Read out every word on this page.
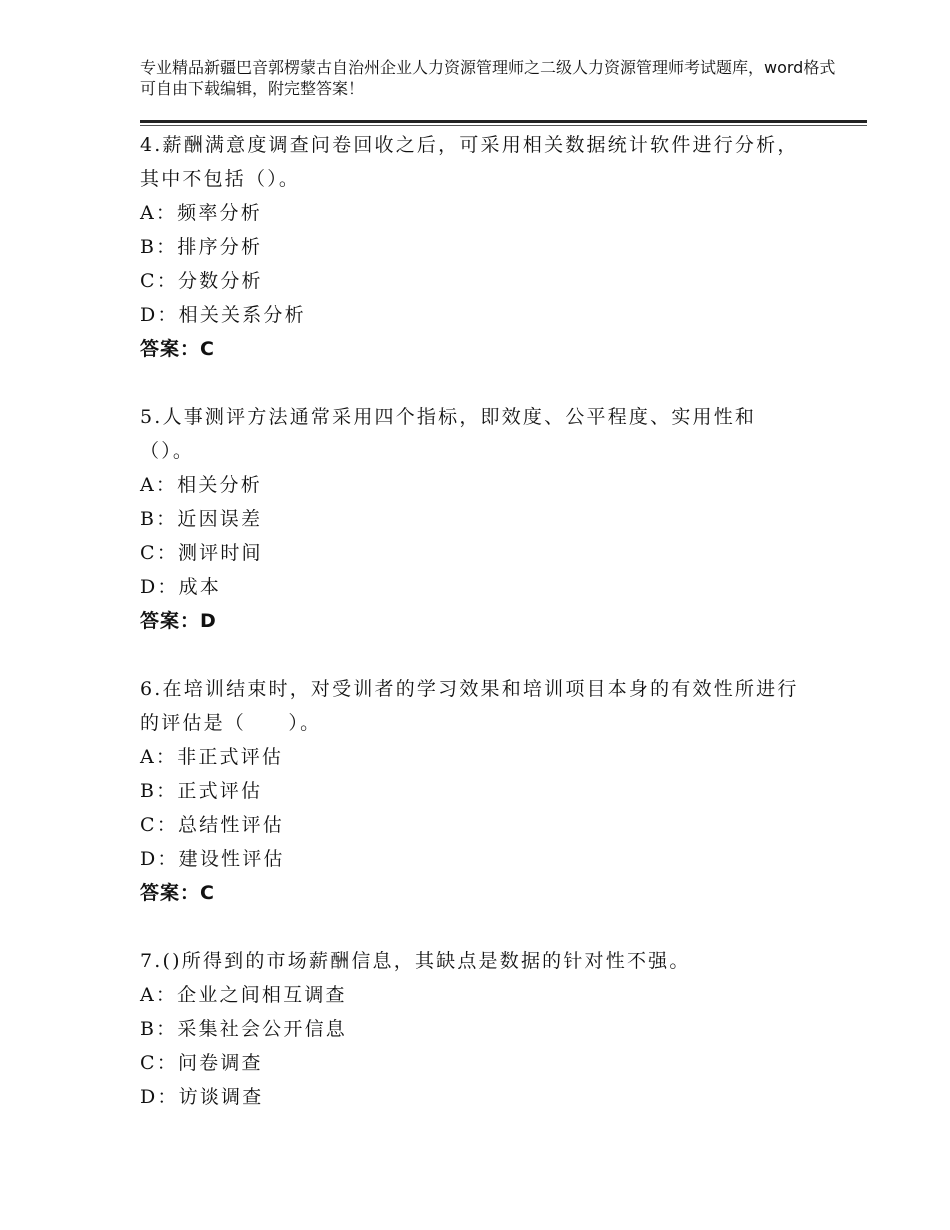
专业精品新疆巴音郭楞蒙古自治州企业人力资源管理师之二级人力资源管理师考试题库，word格式可自由下载编辑，附完整答案！
4.薪酬满意度调查问卷回收之后，可采用相关数据统计软件进行分析，其中不包括（）。
A：频率分析
B：排序分析
C：分数分析
D：相关关系分析
答案：C
5.人事测评方法通常采用四个指标，即效度、公平程度、实用性和（）。
A：相关分析
B：近因误差
C：测评时间
D：成本
答案：D
6.在培训结束时，对受训者的学习效果和培训项目本身的有效性所进行的评估是（　　）。
A：非正式评估
B：正式评估
C：总结性评估
D：建设性评估
答案：C
7.()所得到的市场薪酬信息，其缺点是数据的针对性不强。
A：企业之间相互调查
B：采集社会公开信息
C：问卷调查
D：访谈调查
